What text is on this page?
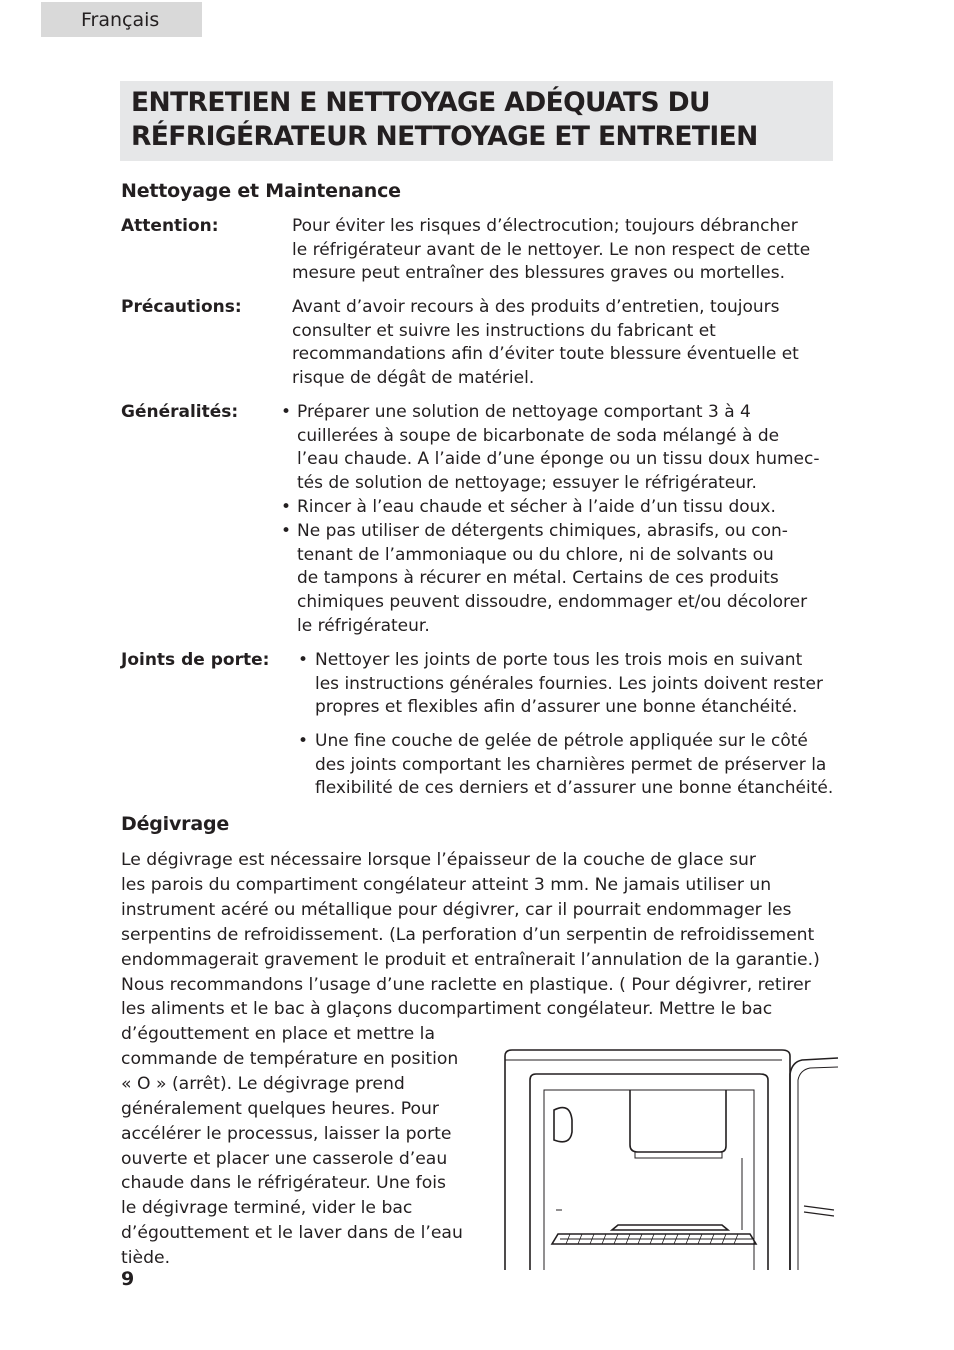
Français
ENTRETIEN E NETTOYAGE ADÉQUATS DU
RÉFRIGÉRATEUR NETTOYAGE ET ENTRETIEN
Nettoyage et Maintenance
Attention:	Pour éviter les risques d’électrocution; toujours débrancher
le réfrigérateur avant de le nettoyer. Le non respect de cette
mesure peut entraîner des blessures graves ou mortelles.
Précautions:	Avant d’avoir recours à des produits d’entretien, toujours
consulter et suivre les instructions du fabricant et
recommandations afin d’éviter toute blessure éventuelle et
risque de dégât de matériel.
Généralités:	• Préparer une solution de nettoyage comportant 3 à 4
cuillerées à soupe de bicarbonate de soda mélangé à de
l’eau chaude. A l’aide d’une éponge ou un tissu doux humec-
tés de solution de nettoyage; essuyer le réfrigérateur.
• Rincer à l’eau chaude et sécher à l’aide d’un tissu doux.
• Ne pas utiliser de détergents chimiques, abrasifs, ou con-
tenant de l’ammoniaque ou du chlore, ni de solvants ou
de tampons à récurer en métal. Certains de ces produits
chimiques peuvent dissoudre, endommager et/ou décolorer
le réfrigérateur.
Joints de porte: • Nettoyer les joints de porte tous les trois mois en suivant
les instructions générales fournies. Les joints doivent rester
propres et flexibles afin d’assurer une bonne étanchéité.
• Une fine couche de gelée de pétrole appliquée sur le côté
des joints comportant les charnières permet de préserver la
flexibilité de ces derniers et d’assurer une bonne étanchéité.
Dégivrage
Le dégivrage est nécessaire lorsque l’épaisseur de la couche de glace sur
les parois du compartiment congélateur atteint 3 mm. Ne jamais utiliser un
instrument acéré ou métallique pour dégivrer, car il pourrait endommager les
serpentins de refroidissement. (La perforation d’un serpentin de refroidissement
endommagerait gravement le produit et entraînerait l’annulation de la garantie.)
Nous recommandons l’usage d’une raclette en plastique. ( Pour dégivrer, retirer
les aliments et le bac à glaçons ducompartiment congélateur. Mettre le bac
d’égouttement en place et mettre la
commande de température en position
« O » (arrêt). Le dégivrage prend
généralement quelques heures. Pour
accélérer le processus, laisser la porte
ouverte et placer une casserole d’eau
chaude dans le réfrigérateur. Une fois
le dégivrage terminé, vider le bac
d’égouttement et le laver dans de l’eau
tiède.
9
